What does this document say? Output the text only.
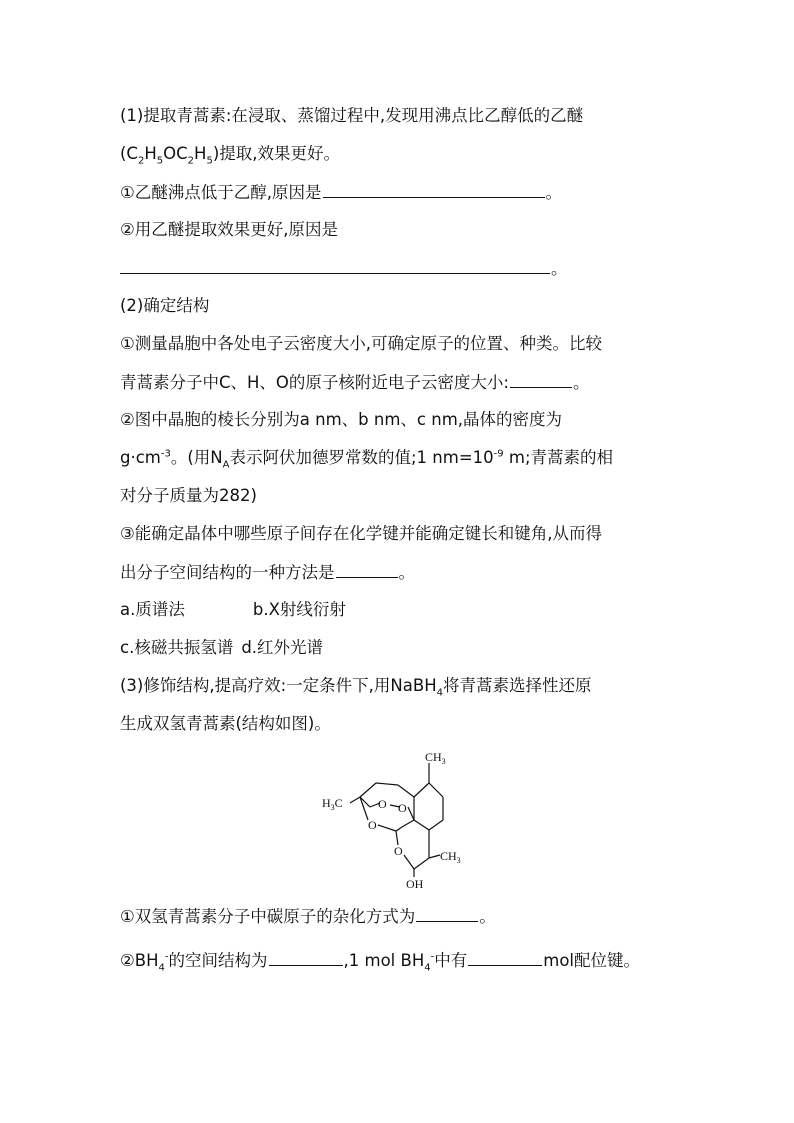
(1)提取青蒿素:在浸取、蒸馏过程中,发现用沸点比乙醇低的乙醚
$(C_2H_5OC_2H_5)$提取,效果更好。
①乙醚沸点低于乙醇,原因是	。
②用乙醚提取效果更好,原因是
。
(2)确定结构
①测量晶胞中各处电子云密度大小,可确定原子的位置、种类。比较
青蒿素分子中C、H、O的原子核附近电子云密度大小:	。
②图中晶胞的棱长分别为a nm、b nm、c nm,晶体的密度为
$g\cdot cm^{-3}$。(用$N_A$表示阿伏加德罗常数的值;1 $nm=10^{-9}$ m;青蒿素的相
对分子质量为282)
③能确定晶体中哪些原子间存在化学键并能确定键长和键角,从而得
出分子空间结构的一种方法是	。
a.质谱法	b.X射线衍射
c.核磁共振氢谱 d.红外光谱
(3)修饰结构,提高疗效:一定条件下,用NaBH$_4$将青蒿素选择性还原
生成双氢青蒿素(结构如图)。
$CH_3$
$H_3C$	O O
O
O	$CH_3$
OH
①双氢青蒿素分子中碳原子的杂化方式为	。
$②BH_4^-$的空间结构为	,1 mol $BH_4^-$中有	mol配位键。
